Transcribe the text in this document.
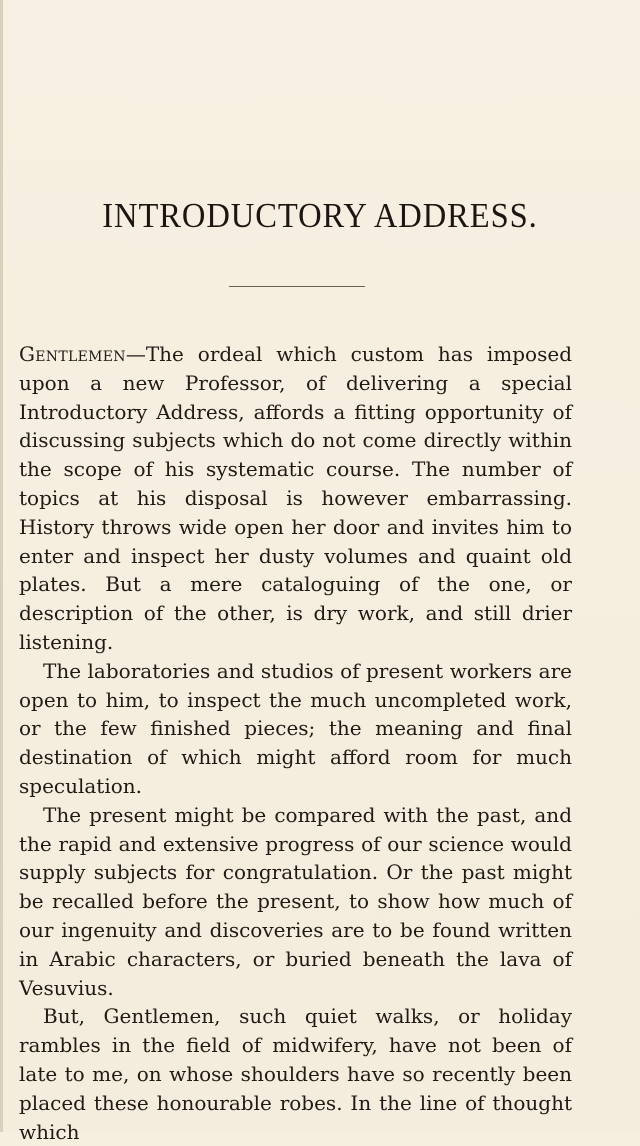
INTRODUCTORY ADDRESS.

Gentlemen—The ordeal which custom has imposed upon a new Professor, of delivering a special Introductory Address, affords a fitting opportunity of discussing subjects which do not come directly within the scope of his systematic course. The number of topics at his disposal is however embarrassing. History throws wide open her door and invites him to enter and inspect her dusty volumes and quaint old plates. But a mere cataloguing of the one, or description of the other, is dry work, and still drier listening.

The laboratories and studios of present workers are open to him, to inspect the much uncompleted work, or the few finished pieces; the meaning and final destination of which might afford room for much speculation.

The present might be compared with the past, and the rapid and extensive progress of our science would supply subjects for congratulation. Or the past might be recalled before the present, to show how much of our ingenuity and discoveries are to be found written in Arabic characters, or buried beneath the lava of Vesuvius.

But, Gentlemen, such quiet walks, or holiday rambles in the field of midwifery, have not been of late to me, on whose shoulders have so recently been placed these honourable robes. In the line of thought which
